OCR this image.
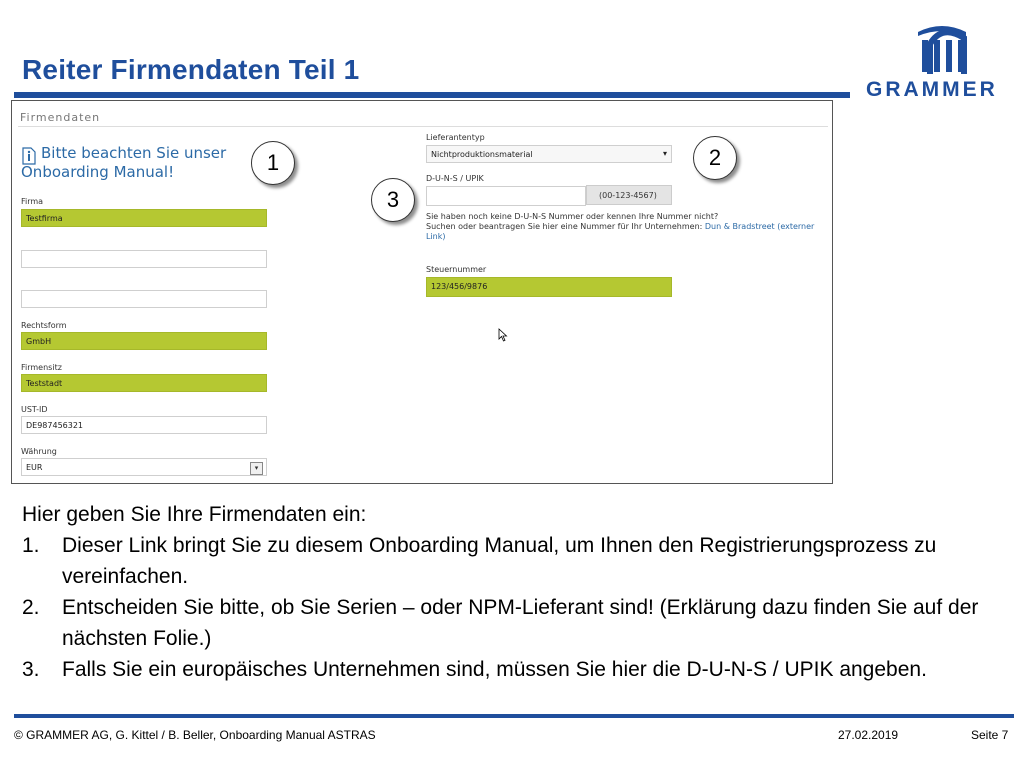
Reiter Firmendaten Teil 1
GRAMMER
Firmendaten
Bitte beachten Sie unser
Onboarding Manual!
Firma
Testfirma
Rechtsform
GmbH
Firmensitz
Teststadt
UST-ID
DE987456321
Währung
EUR	▾
Lieferantentyp
Nichtproduktionsmaterial	▾
D-U-N-S / UPIK
(00-123-4567)
Sie haben noch keine D-U-N-S Nummer oder kennen Ihre Nummer nicht?
Suchen oder beantragen Sie hier eine Nummer für Ihr Unternehmen: Dun & Bradstreet (externer Link)
Steuernummer
123/456/9876
1	2
3
Hier geben Sie Ihre Firmendaten ein:
1. Dieser Link bringt Sie zu diesem Onboarding Manual, um Ihnen den Registrierungsprozess zu vereinfachen.
2. Entscheiden Sie bitte, ob Sie Serien – oder NPM-Lieferant sind! (Erklärung dazu finden Sie auf der nächsten Folie.)
3. Falls Sie ein europäisches Unternehmen sind, müssen Sie hier die D-U-N-S / UPIK angeben.
© GRAMMER AG, G. Kittel / B. Beller, Onboarding Manual ASTRAS	27.02.2019	Seite 7
